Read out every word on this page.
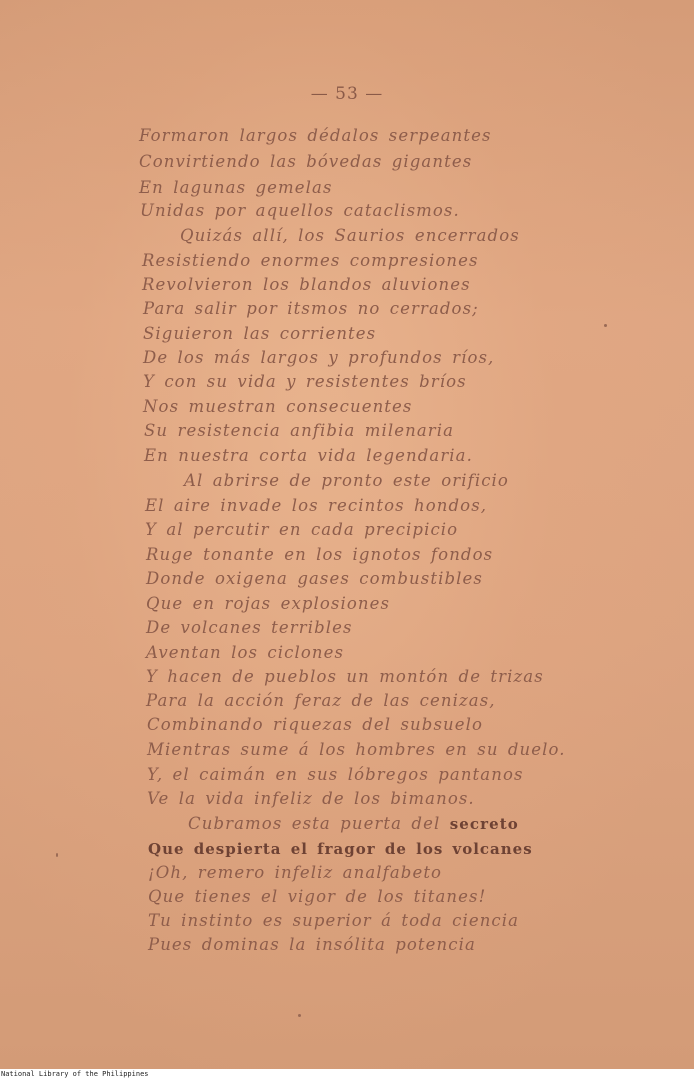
— 53 —
Formaron largos dédalos serpeantes
Convirtiendo las bóvedas gigantes
En lagunas gemelas
Unidas por aquellos cataclismos.
Quizás allí, los Saurios encerrados
Resistiendo enormes compresiones
Revolvieron los blandos aluviones
Para salir por itsmos no cerrados;
Siguieron las corrientes
De los más largos y profundos ríos,
Y con su vida y resistentes bríos
Nos muestran consecuentes
Su resistencia anfibia milenaria
En nuestra corta vida legendaria.
Al abrirse de pronto este orificio
El aire invade los recintos hondos,
Y al percutir en cada precipicio
Ruge tonante en los ignotos fondos
Donde oxigena gases combustibles
Que en rojas explosiones
De volcanes terribles
Aventan los ciclones
Y hacen de pueblos un montón de trizas
Para la acción feraz de las cenizas,
Combinando riquezas del subsuelo
Mientras sume á los hombres en su duelo.
Y, el caimán en sus lóbregos pantanos
Ve la vida infeliz de los bimanos.
Cubramos esta puerta del secreto
Que despierta el fragor de los volcanes
¡Oh, remero infeliz analfabeto
Que tienes el vigor de los titanes!
Tu instinto es superior á toda ciencia
Pues dominas la insólita potencia
National Library of the Philippines
